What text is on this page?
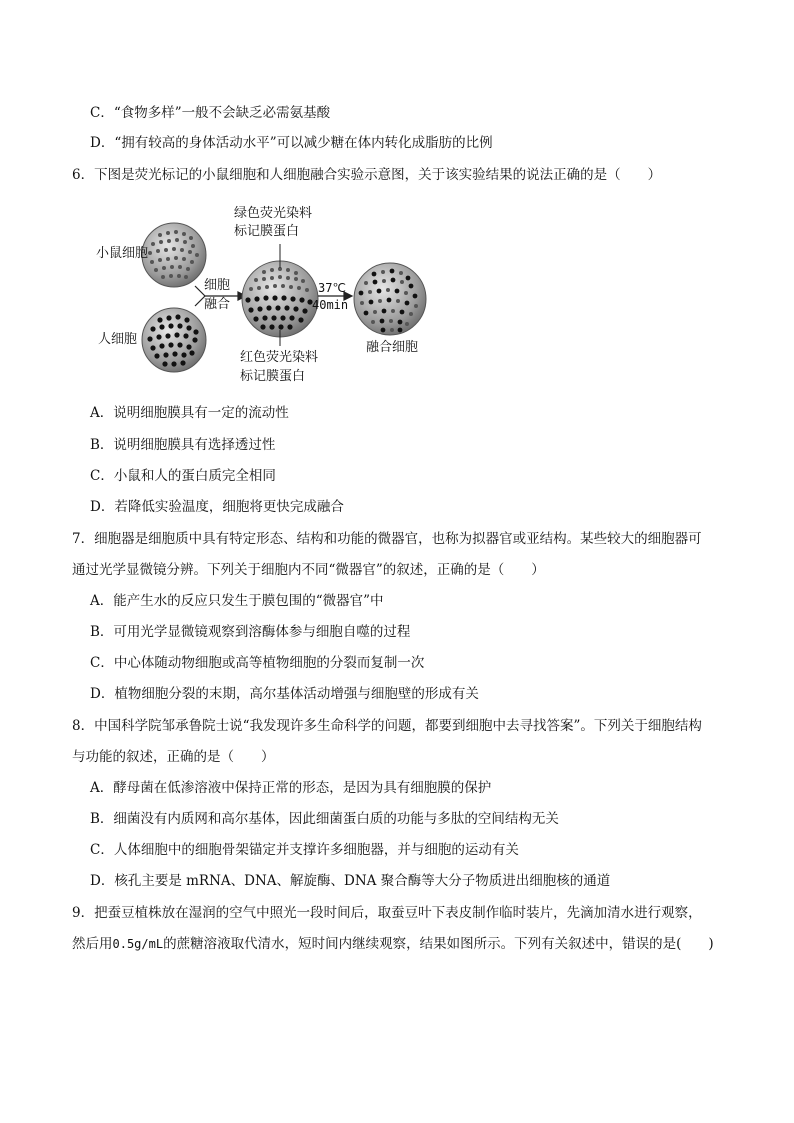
C．“食物多样”一般不会缺乏必需氨基酸
D．“拥有较高的身体活动水平”可以减少糖在体内转化成脂肪的比例
6．下图是荧光标记的小鼠细胞和人细胞融合实验示意图，关于该实验结果的说法正确的是（　　）
小鼠细胞
人细胞
细胞
融合
绿色荧光染料
标记膜蛋白
红色荧光染料
标记膜蛋白
37℃
40min
融合细胞
A．说明细胞膜具有一定的流动性
B．说明细胞膜具有选择透过性
C．小鼠和人的蛋白质完全相同
D．若降低实验温度，细胞将更快完成融合
7．细胞器是细胞质中具有特定形态、结构和功能的微器官，也称为拟器官或亚结构。某些较大的细胞器可
通过光学显微镜分辨。下列关于细胞内不同“微器官”的叙述，正确的是（　　）
A．能产生水的反应只发生于膜包围的“微器官”中
B．可用光学显微镜观察到溶酶体参与细胞自噬的过程
C．中心体随动物细胞或高等植物细胞的分裂而复制一次
D．植物细胞分裂的末期，高尔基体活动增强与细胞壁的形成有关
8．中国科学院邹承鲁院士说“我发现许多生命科学的问题，都要到细胞中去寻找答案”。下列关于细胞结构
与功能的叙述，正确的是（　　）
A．酵母菌在低渗溶液中保持正常的形态，是因为具有细胞膜的保护
B．细菌没有内质网和高尔基体，因此细菌蛋白质的功能与多肽的空间结构无关
C．人体细胞中的细胞骨架锚定并支撑许多细胞器，并与细胞的运动有关
D．核孔主要是 mRNA、DNA、解旋酶、DNA 聚合酶等大分子物质进出细胞核的通道
9．把蚕豆植株放在湿润的空气中照光一段时间后，取蚕豆叶下表皮制作临时装片，先滴加清水进行观察，
然后用0.5g/mL的蔗糖溶液取代清水，短时间内继续观察，结果如图所示。下列有关叙述中，错误的是(　　)
